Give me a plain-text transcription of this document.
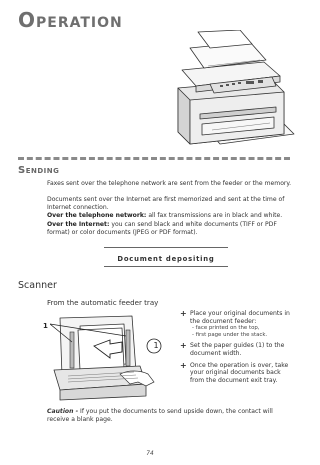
Operation
Sending
Faxes sent over the telephone network are sent from the feeder or the memory.
Documents sent over the Internet are first memorized and sent at the time of Internet connection.
Over the telephone network: all fax transmissions are in black and white.
Over the Internet: you can send black and white documents (TIFF or PDF format) or color documents (JPEG or PDF format).
Document depositing
Scanner
From the automatic feeder tray
1
1
+ Place your original documents in the document feeder:
- face printed on the top,
- first page under the stack.
+ Set the paper guides (1) to the document width.
+ Once the operation is over, take your original documents back from the document exit tray.
Caution - If you put the documents to send upside down, the contact will receive a blank page.
74
